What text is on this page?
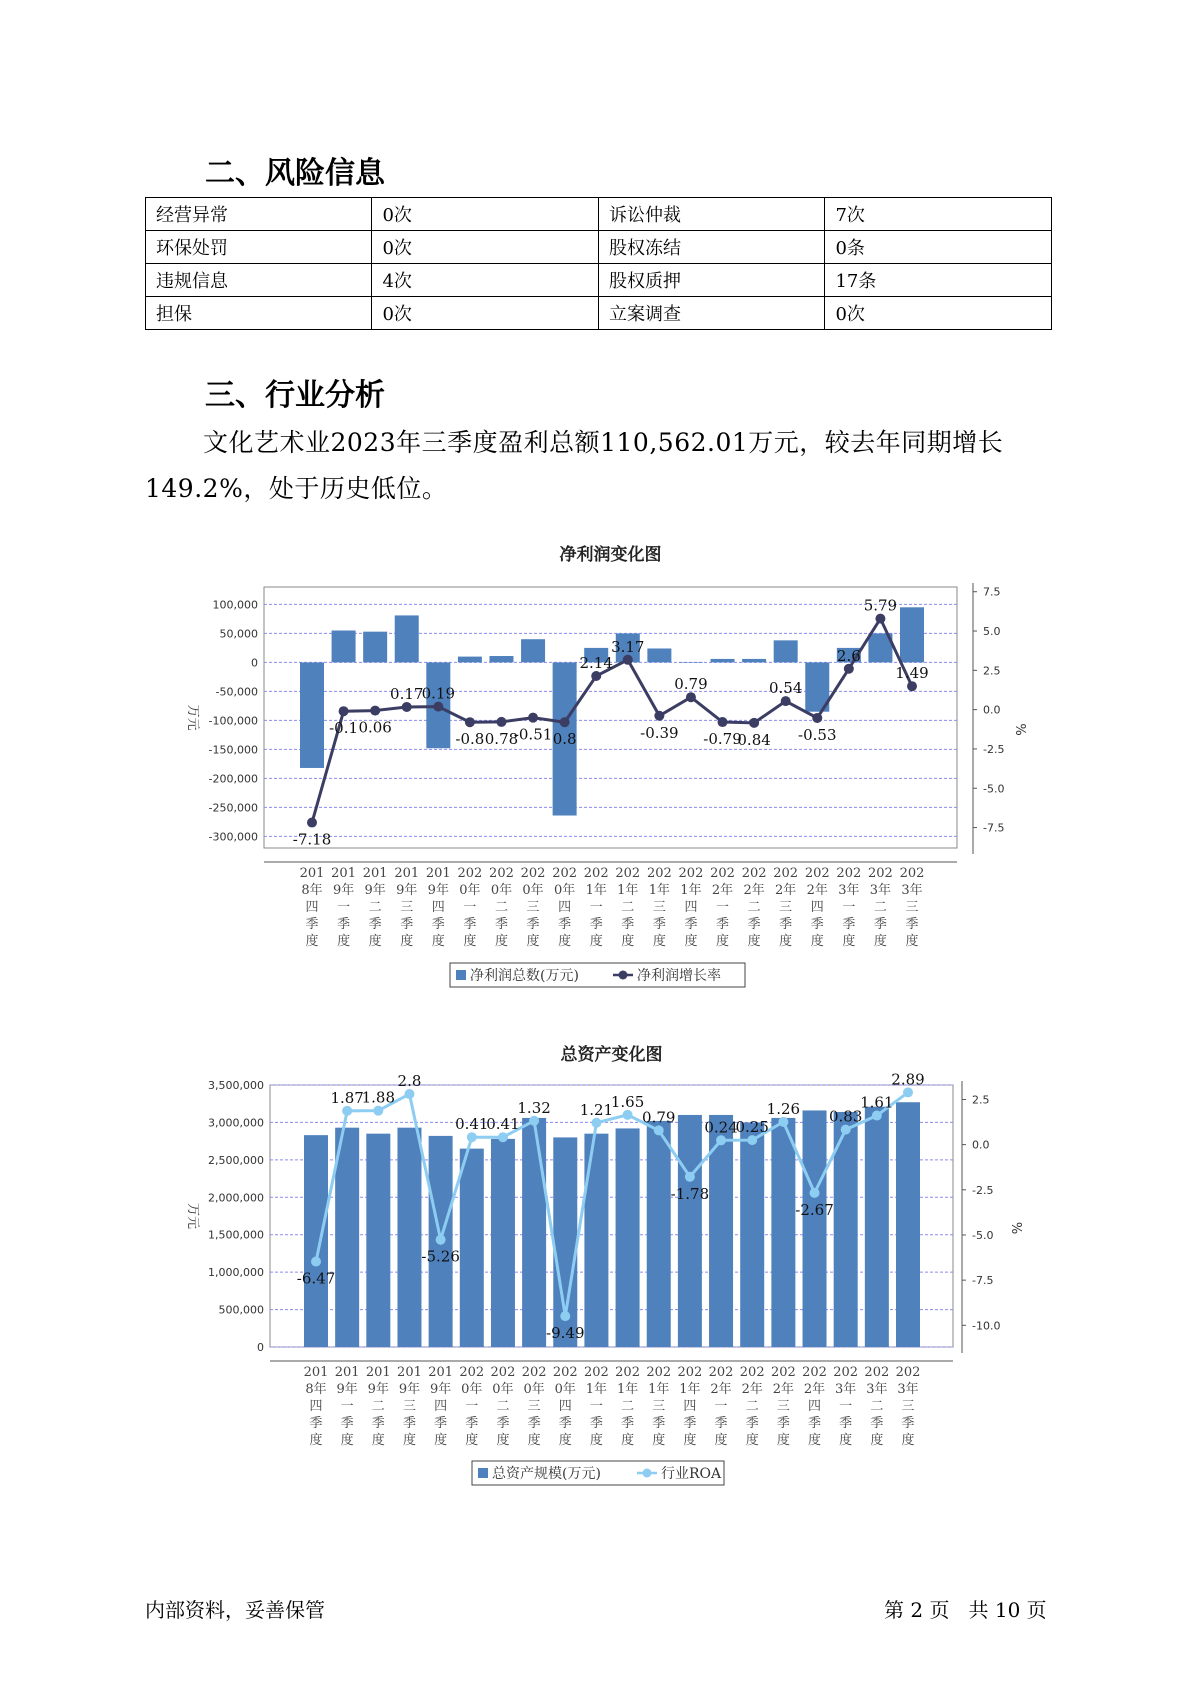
二、风险信息
经营异常	0次	诉讼仲裁	7次
环保处罚	0次	股权冻结	0条
违规信息	4次	股权质押	17条
担保	0次	立案调查	0次
三、行业分析

文化艺术业2023年三季度盈利总额110,562.01万元，较去年同期增长149.2%，处于历史低位。

净利润变化图
100,000
50,000
0
-50,000
-100,000
-150,000
-200,000
-250,000
-300,000
万元
7.5
5.0
2.5
0.0
-2.5
-5.0
-7.5
%
-7.18
-0.1 0.06
0.17
0.19
-0.8 0.78
-0.51 0.8
2.14
3.17
-0.39
0.79
-0.79
0.84
0.54
-0.53
2.6
5.79
1.49
201 8年四季度
201 9年一季度
201 9年二季度
201 9年三季度
201 9年四季度
202 0年一季度
202 0年二季度
202 0年三季度
202 0年四季度
202 1年一季度
202 1年二季度
202 1年三季度
202 1年四季度
202 2年一季度
202 2年二季度
202 2年三季度
202 2年四季度
202 3年一季度
202 3年二季度
202 3年三季度
净利润总数(万元)	净利润增长率
总资产变化图
3,500,000
3,000,000
2,500,000
2,000,000
1,500,000
1,000,000
500,000
0
万元
2.5
0.0
-2.5
-5.0
-7.5
-10.0
%
-6.47
1.87
1.88
2.8
-5.26
0.41
0.41
1.32
-9.49
1.21
1.65
0.79
-1.78
0.24
0.25
1.26
-2.67
0.83
1.61
2.89
201 8年四季度
201 9年一季度
201 9年二季度
201 9年三季度
201 9年四季度
202 0年一季度
202 0年二季度
202 0年三季度
202 0年四季度
202 1年一季度
202 1年二季度
202 1年三季度
202 1年四季度
202 2年一季度
202 2年二季度
202 2年三季度
202 2年四季度
202 3年一季度
202 3年二季度
202 3年三季度
总资产规模(万元)	行业ROA
内部资料，妥善保管	第 2 页   共 10 页
